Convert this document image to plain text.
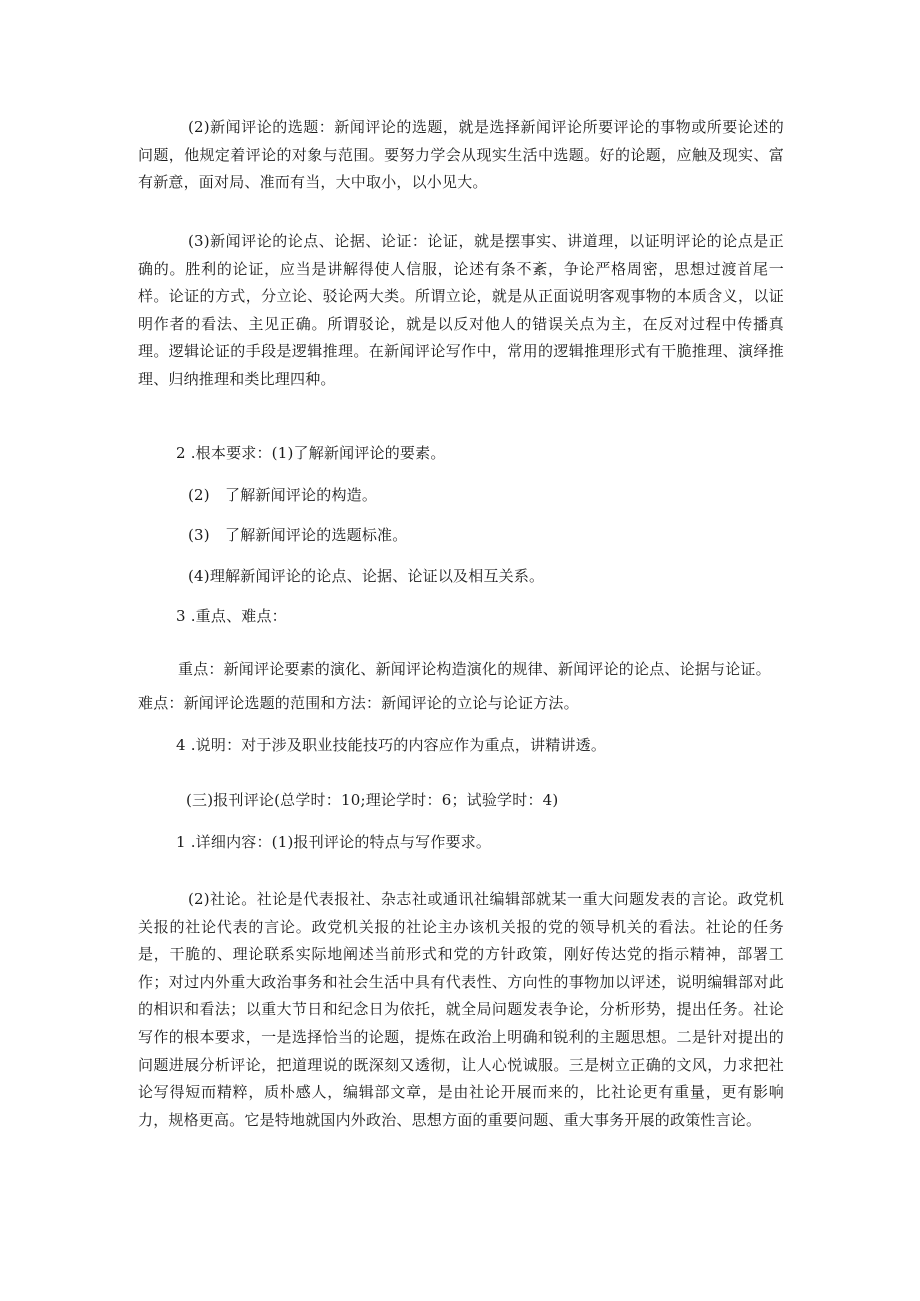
(2)新闻评论的选题：新闻评论的选题，就是选择新闻评论所要评论的事物或所要论述的问题，他规定着评论的对象与范围。要努力学会从现实生活中选题。好的论题，应触及现实、富有新意，面对局、准而有当，大中取小，以小见大。

(3)新闻评论的论点、论据、论证：论证，就是摆事实、讲道理，以证明评论的论点是正确的。胜利的论证，应当是讲解得使人信服，论述有条不紊，争论严格周密，思想过渡首尾一样。论证的方式，分立论、驳论两大类。所谓立论，就是从正面说明客观事物的本质含义，以证明作者的看法、主见正确。所谓驳论，就是以反对他人的错误关点为主，在反对过程中传播真理。逻辑论证的手段是逻辑推理。在新闻评论写作中，常用的逻辑推理形式有干脆推理、演绎推理、归纳推理和类比理四种。

2 .根本要求：(1)了解新闻评论的要素。

(2)　了解新闻评论的构造。

(3)　了解新闻评论的选题标准。

(4)理解新闻评论的论点、论据、论证以及相互关系。

3 .重点、难点：

重点：新闻评论要素的演化、新闻评论构造演化的规律、新闻评论的论点、论据与论证。

难点：新闻评论选题的范围和方法：新闻评论的立论与论证方法。

4 .说明：对于涉及职业技能技巧的内容应作为重点，讲精讲透。

(三)报刊评论(总学时：10;理论学时：6；试验学时：4)

1 .详细内容：(1)报刊评论的特点与写作要求。

(2)社论。社论是代表报社、杂志社或通讯社编辑部就某一重大问题发表的言论。政党机关报的社论代表的言论。政党机关报的社论主办该机关报的党的领导机关的看法。社论的任务是，干脆的、理论联系实际地阐述当前形式和党的方针政策，刚好传达党的指示精神，部署工作；对过内外重大政治事务和社会生活中具有代表性、方向性的事物加以评述，说明编辑部对此的相识和看法；以重大节日和纪念日为依托，就全局问题发表争论，分析形势，提出任务。社论写作的根本要求，一是选择恰当的论题，提炼在政治上明确和锐利的主题思想。二是针对提出的问题进展分析评论，把道理说的既深刻又透彻，让人心悦诚服。三是树立正确的文风，力求把社论写得短而精粹，质朴感人，编辑部文章，是由社论开展而来的，比社论更有重量，更有影响力，规格更高。它是特地就国内外政治、思想方面的重要问题、重大事务开展的政策性言论。
